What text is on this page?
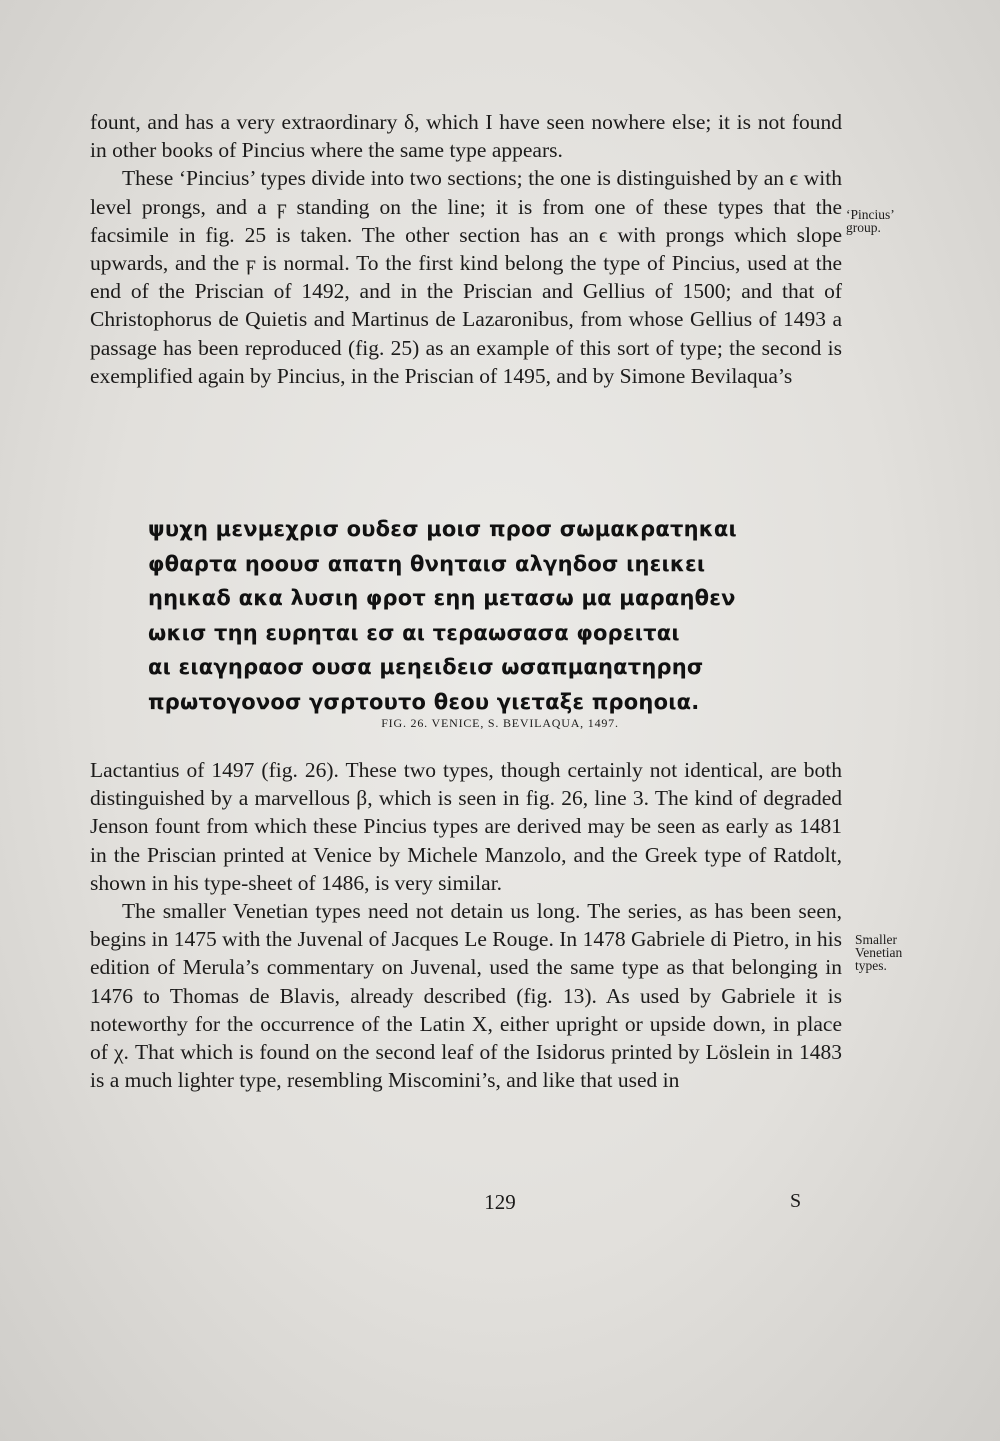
fount, and has a very extraordinary δ, which I have seen nowhere else; it is not found in other books of Pincius where the same type appears.

These ‘Pincius’ types divide into two sections; the one is distinguished by an ϵ with level prongs, and a ϝ standing on the line; it is from one of these types that the facsimile in fig. 25 is taken. The other section has an ϵ with prongs which slope upwards, and the ϝ is normal. To the first kind belong the type of Pincius, used at the end of the Priscian of 1492, and in the Priscian and Gellius of 1500; and that of Christophorus de Quietis and Martinus de Lazaronibus, from whose Gellius of 1493 a passage has been reproduced (fig. 25) as an example of this sort of type; the second is exemplified again by Pincius, in the Priscian of 1495, and by Simone Bevilaqua’s

‘Pincius’ group.
ψυχη μενμεχρισ ουδεσ μοισ προσ σωμακρατηκαι
φθαρτα ηοουσ απατη θνηταισ αλγηδοσ ιηεικει
ηηικαδ ακα λυσιη φροτ εηη μετασω μα μαραηθεν
ωκισ τηη ευρηται εσ αι τεραωσασα φορειται
αι ειαγηραοσ ουσα μεηειδεισ ωσαπμαηατηρησ
πρωτογονοσ γσρτουτο θεου γιεταξε προηοια.
FIG. 26. VENICE, S. BEVILAQUA, 1497.

Lactantius of 1497 (fig. 26). These two types, though certainly not identical, are both distinguished by a marvellous β, which is seen in fig. 26, line 3. The kind of degraded Jenson fount from which these Pincius types are derived may be seen as early as 1481 in the Priscian printed at Venice by Michele Manzolo, and the Greek type of Ratdolt, shown in his type-sheet of 1486, is very similar.

The smaller Venetian types need not detain us long. The series, as has been seen, begins in 1475 with the Juvenal of Jacques Le Rouge. In 1478 Gabriele di Pietro, in his edition of Merula’s commentary on Juvenal, used the same type as that belonging in 1476 to Thomas de Blavis, already described (fig. 13). As used by Gabriele it is noteworthy for the occurrence of the Latin X, either upright or upside down, in place of χ. That which is found on the second leaf of the Isidorus printed by Löslein in 1483 is a much lighter type, resembling Miscomini’s, and like that used in

Smaller Venetian types.
129	S
